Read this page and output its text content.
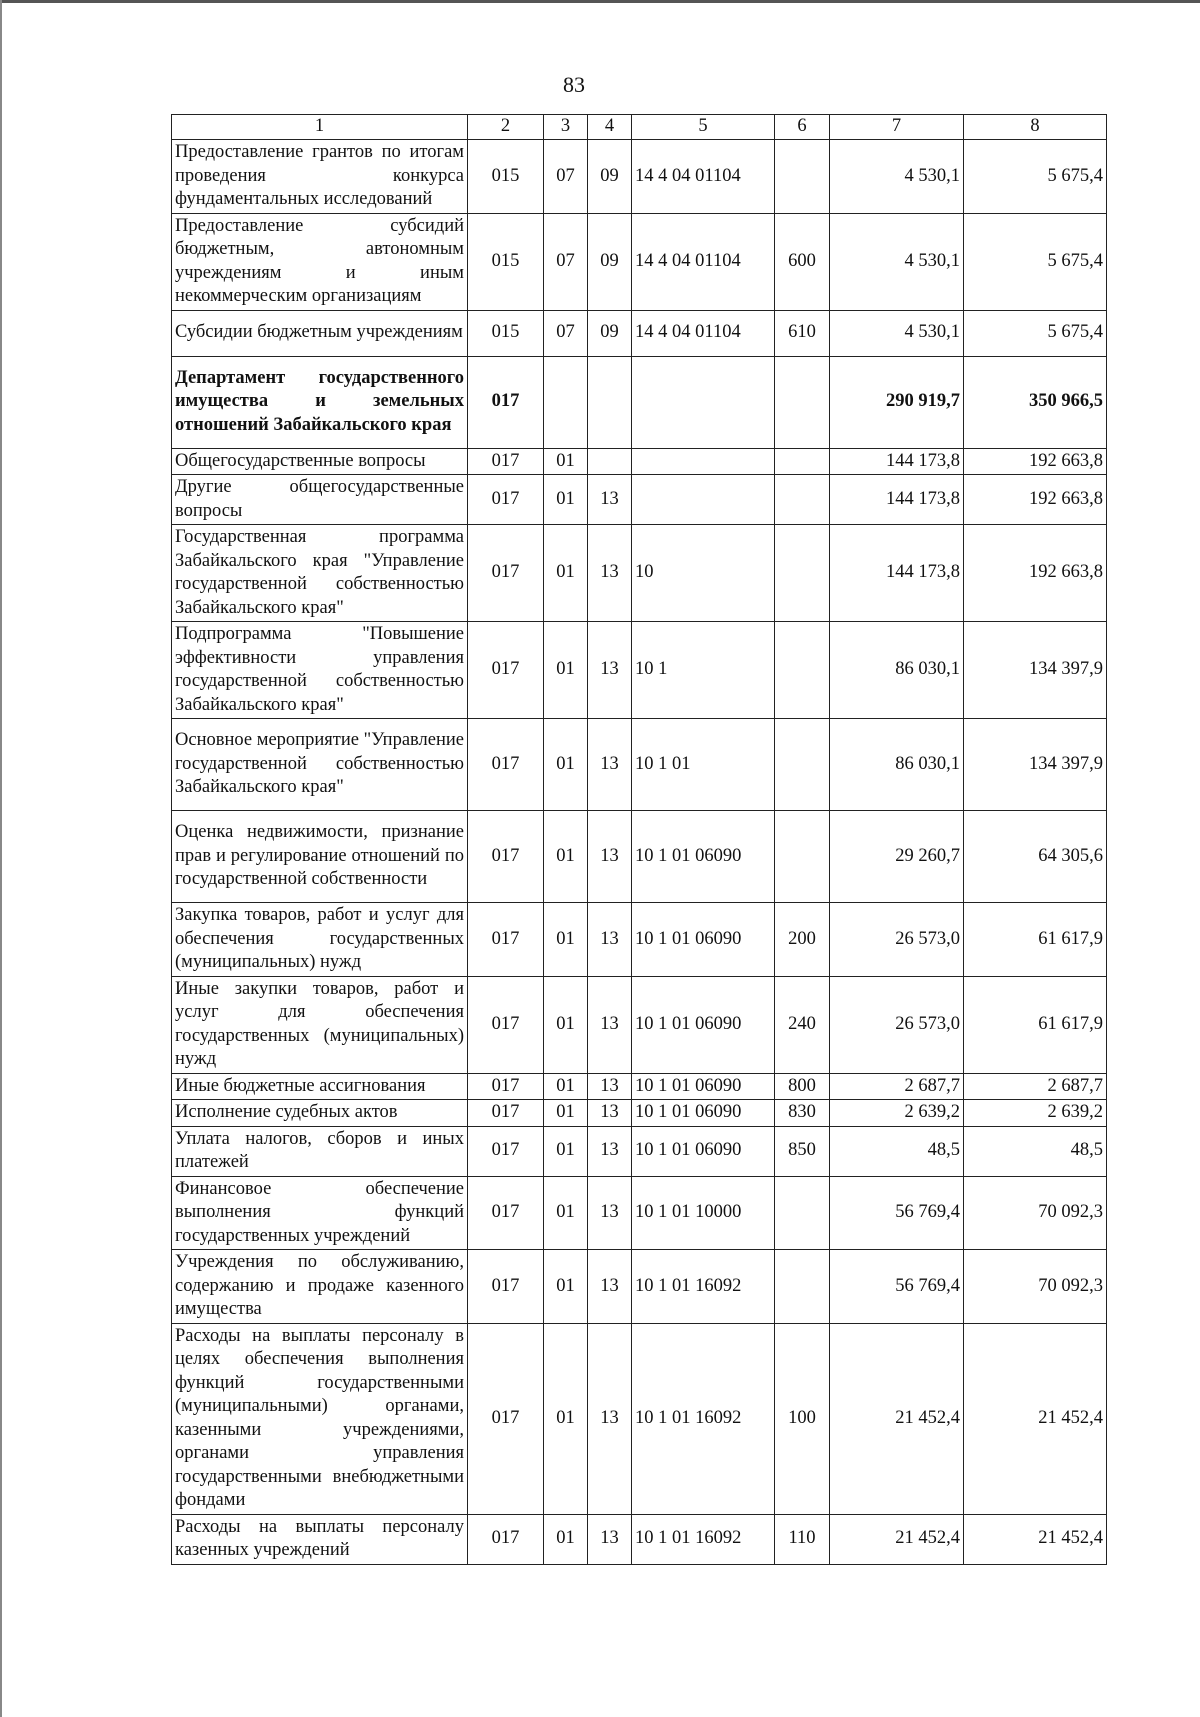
83
1	2	3	4	5	6	7	8
Предоставление грантов по итогам проведения конкурса фундаментальных исследований	015	07	09	14 4 04 01104		4 530,1	5 675,4
Предоставление субсидий бюджетным, автономным учреждениям и иным некоммерческим организациям	015	07	09	14 4 04 01104	600	4 530,1	5 675,4
Субсидии бюджетным учреждениям	015	07	09	14 4 04 01104	610	4 530,1	5 675,4
Департамент государственного имущества и земельных отношений Забайкальского края	017					290 919,7	350 966,5
Общегосударственные вопросы	017	01				144 173,8	192 663,8
Другие общегосударственные вопросы	017	01	13			144 173,8	192 663,8
Государственная программа Забайкальского края "Управление государственной собственностью Забайкальского края"	017	01	13	10		144 173,8	192 663,8
Подпрограмма "Повышение эффективности управления государственной собственностью Забайкальского края"	017	01	13	10 1		86 030,1	134 397,9
Основное мероприятие "Управление государственной собственностью Забайкальского края"	017	01	13	10 1 01		86 030,1	134 397,9
Оценка недвижимости, признание прав и регулирование отношений по государственной собственности	017	01	13	10 1 01 06090		29 260,7	64 305,6
Закупка товаров, работ и услуг для обеспечения государственных (муниципальных) нужд	017	01	13	10 1 01 06090	200	26 573,0	61 617,9
Иные закупки товаров, работ и услуг для обеспечения государственных (муниципальных) нужд	017	01	13	10 1 01 06090	240	26 573,0	61 617,9
Иные бюджетные ассигнования	017	01	13	10 1 01 06090	800	2 687,7	2 687,7
Исполнение судебных актов	017	01	13	10 1 01 06090	830	2 639,2	2 639,2
Уплата налогов, сборов и иных платежей	017	01	13	10 1 01 06090	850	48,5	48,5
Финансовое обеспечение выполнения функций государственных учреждений	017	01	13	10 1 01 10000		56 769,4	70 092,3
Учреждения по обслуживанию, содержанию и продаже казенного имущества	017	01	13	10 1 01 16092		56 769,4	70 092,3
Расходы на выплаты персоналу в целях обеспечения выполнения функций государственными (муниципальными) органами, казенными учреждениями, органами управления государственными внебюджетными фондами	017	01	13	10 1 01 16092	100	21 452,4	21 452,4
Расходы на выплаты персоналу казенных учреждений	017	01	13	10 1 01 16092	110	21 452,4	21 452,4
